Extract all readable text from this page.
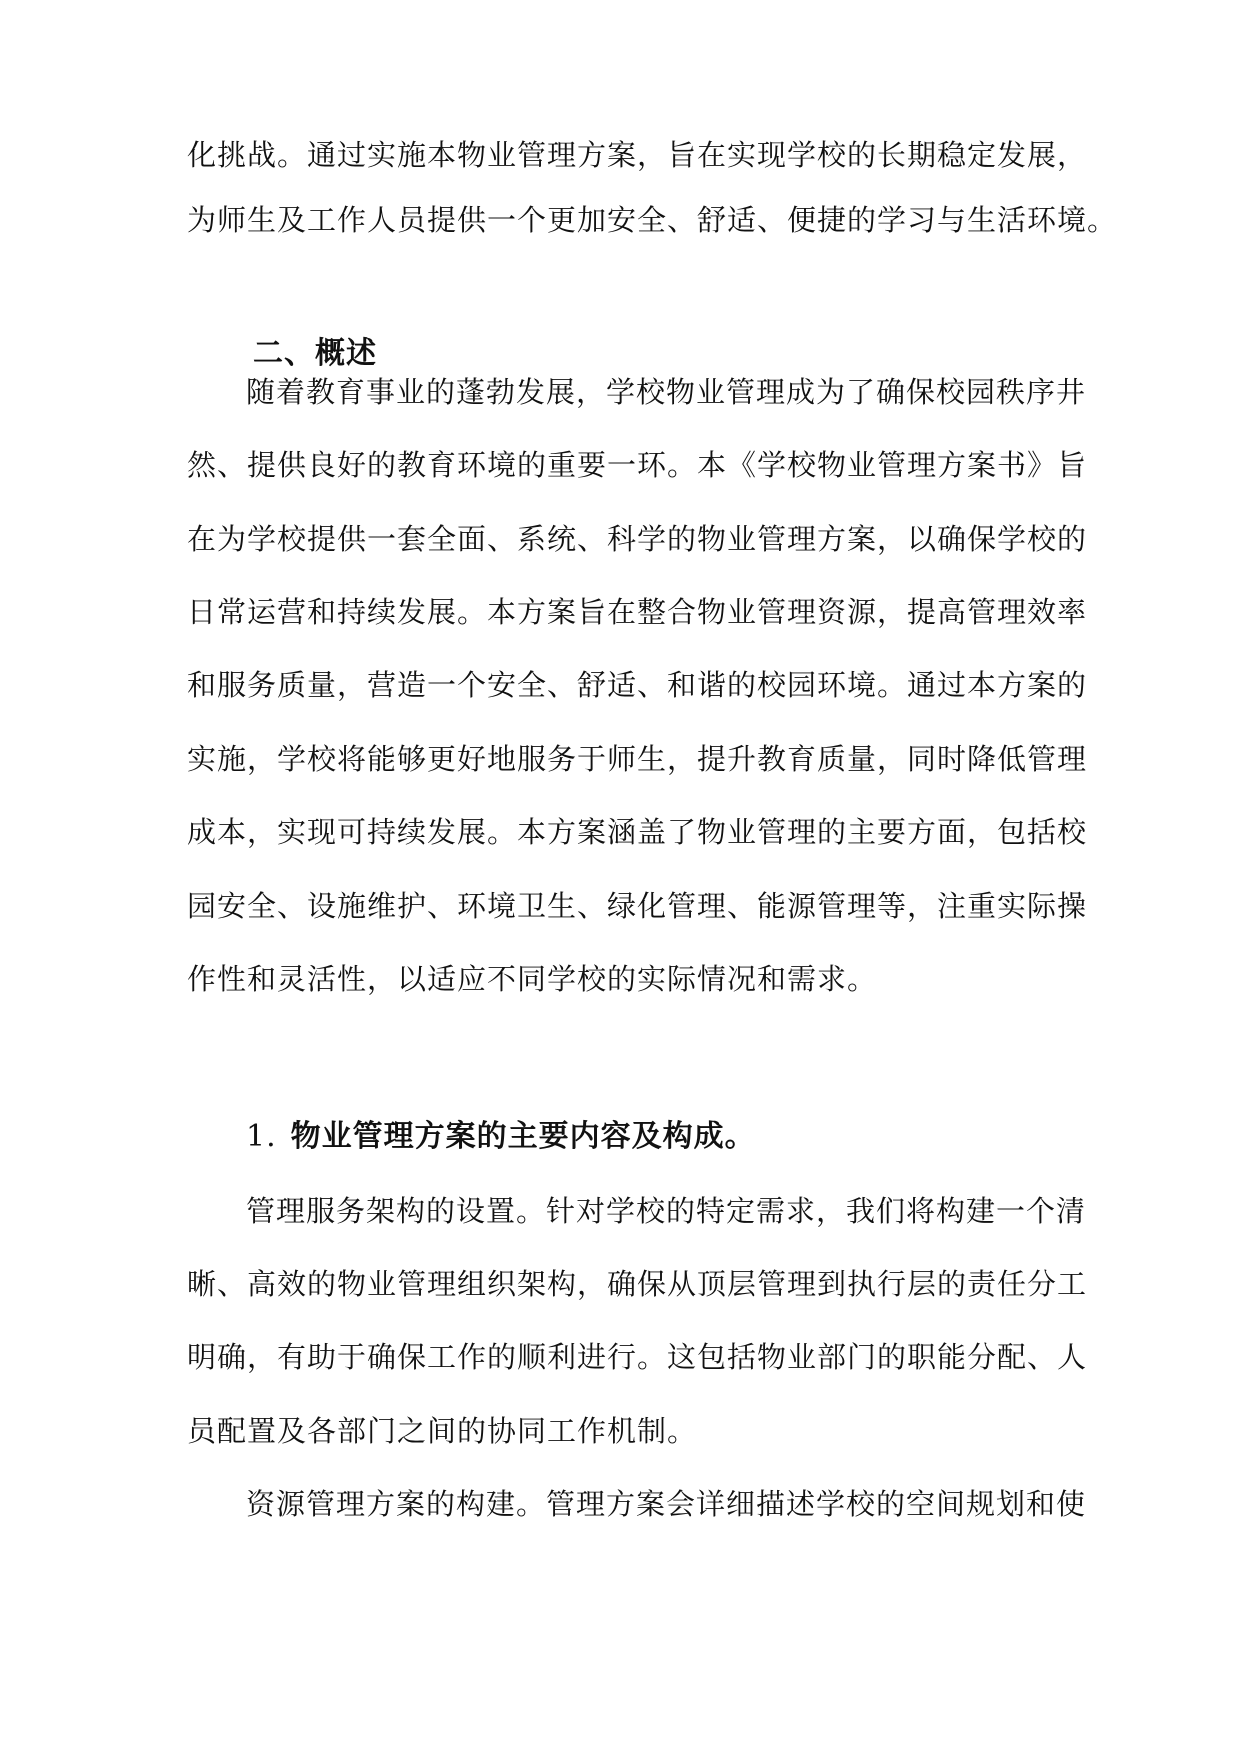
化挑战。通过实施本物业管理方案，旨在实现学校的长期稳定发展，
为师生及工作人员提供一个更加安全、舒适、便捷的学习与生活环境。
二、概述
随着教育事业的蓬勃发展，学校物业管理成为了确保校园秩序井
然、提供良好的教育环境的重要一环。本《学校物业管理方案书》旨
在为学校提供一套全面、系统、科学的物业管理方案，以确保学校的
日常运营和持续发展。本方案旨在整合物业管理资源，提高管理效率
和服务质量，营造一个安全、舒适、和谐的校园环境。通过本方案的
实施，学校将能够更好地服务于师生，提升教育质量，同时降低管理
成本，实现可持续发展。本方案涵盖了物业管理的主要方面，包括校
园安全、设施维护、环境卫生、绿化管理、能源管理等，注重实际操
作性和灵活性，以适应不同学校的实际情况和需求。
1. 物业管理方案的主要内容及构成。
管理服务架构的设置。针对学校的特定需求，我们将构建一个清
晰、高效的物业管理组织架构，确保从顶层管理到执行层的责任分工
明确，有助于确保工作的顺利进行。这包括物业部门的职能分配、人
员配置及各部门之间的协同工作机制。
资源管理方案的构建。管理方案会详细描述学校的空间规划和使
